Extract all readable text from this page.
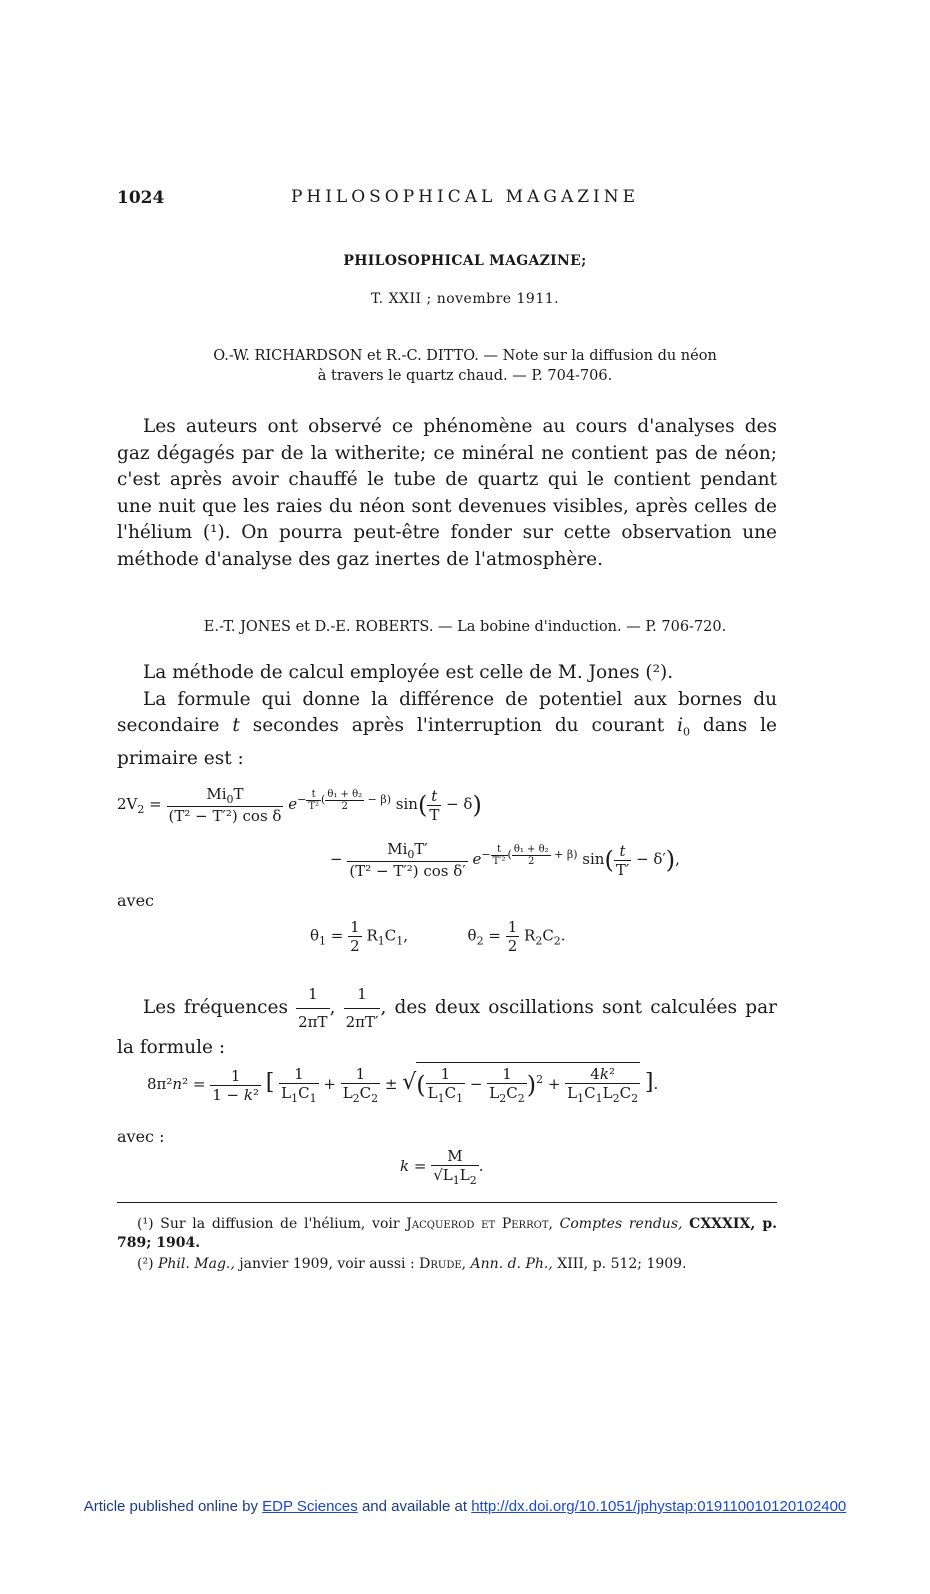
1024	PHILOSOPHICAL MAGAZINE
PHILOSOPHICAL MAGAZINE;
T. XXII ; novembre 1911.
O.-W. RICHARDSON et R.-C. DITTO. — Note sur la diffusion du néon
à travers le quartz chaud. — P. 704-706.
Les auteurs ont observé ce phénomène au cours d'analyses des gaz dégagés par de la witherite; ce minéral ne contient pas de néon; c'est après avoir chauffé le tube de quartz qui le contient pendant une nuit que les raies du néon sont devenues visibles, après celles de l'hélium (¹). On pourra peut-être fonder sur cette observation une méthode d'analyse des gaz inertes de l'atmosphère.
E.-T. JONES et D.-E. ROBERTS. — La bobine d'induction. — P. 706-720.
La méthode de calcul employée est celle de M. Jones (²).
La formule qui donne la différence de potentiel aux bornes du secondaire t secondes après l'interruption du courant $i_0$ dans le primaire est :
$2V_2 = \frac{Mi_0T}{\text{(T² − T′²) cos δ}} e^{- \frac{t}{\text{T²}} ( \frac{\text{θ₁ + θ₂}}{2} - \beta)}$ $\sin( \frac{t}{T} - \delta)$
− $\frac{Mi_0T'}{\text{(T² − T′²) cos δ′}} e^{- \frac{t}{\text{T′²}} ( \frac{\text{θ₁ + θ₂}}{2} + \beta)}$ $\sin( \frac{t}{T'} - \delta')$,
avec
$\theta_1 = \frac{1}{2} R_1C_1$,	$\theta_2 = \frac{1}{2} R_2C_2$.
Les fréquences $\frac{1}{2\pi T}$ , $\frac{1}{2\pi T'}$ , des deux oscillations sont calculées par la formule :
$8\pi^2n^2 = \frac{1}{\text{1 − k²}}$ [ $\frac{1}{L_1C_1} + \frac{1}{L_2C_2}$ ± √( $\frac{1}{L_1C_1} - \frac{1}{L_2C_2} )^2 + \frac{\text{4k²}}{L_1C_1L_2C_2}$ ].
avec :
$k = \frac{M}{√L_1L_2}$ .
(¹) Sur la diffusion de l'hélium, voir Jacquerod et Perrot, Comptes rendus, CXXXIX, p. 789; 1904.
(²) Phil. Mag., janvier 1909, voir aussi : Drude, Ann. d. Ph., XIII, p. 512; 1909.
Article published online by EDP Sciences and available at http://dx.doi.org/10.1051/jphystap:019110010120102400
